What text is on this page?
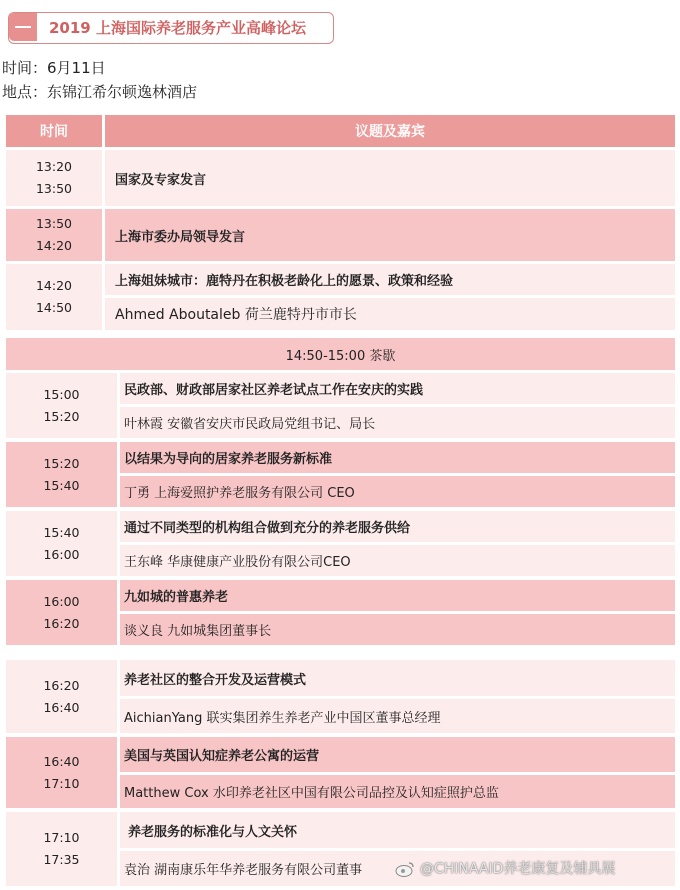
2019 上海国际养老服务产业高峰论坛
时间：6月11日
地点：东锦江希尔顿逸林酒店
时间	议题及嘉宾
13:20
13:50
国家及专家发言
13:50
14:20
上海市委办局领导发言
14:20
14:50
上海姐妹城市：鹿特丹在积极老龄化上的愿景、政策和经验
Ahmed Aboutaleb 荷兰鹿特丹市市长
14:50-15:00 茶歇
15:00
15:20
民政部、财政部居家社区养老试点工作在安庆的实践
叶林霞 安徽省安庆市民政局党组书记、局长
15:20
15:40
以结果为导向的居家养老服务新标准
丁勇 上海爱照护养老服务有限公司 CEO
15:40
16:00
通过不同类型的机构组合做到充分的养老服务供给
王东峰 华康健康产业股份有限公司CEO
16:00
16:20
九如城的普惠养老
谈义良 九如城集团董事长
16:20
16:40
养老社区的整合开发及运营模式
AichianYang 联实集团养生养老产业中国区董事总经理
16:40
17:10
美国与英国认知症养老公寓的运营
Matthew Cox 水印养老社区中国有限公司品控及认知症照护总监
17:10
17:35
养老服务的标准化与人文关怀
袁治 湖南康乐年华养老服务有限公司董事	@CHINAAID养老康复及辅具展
